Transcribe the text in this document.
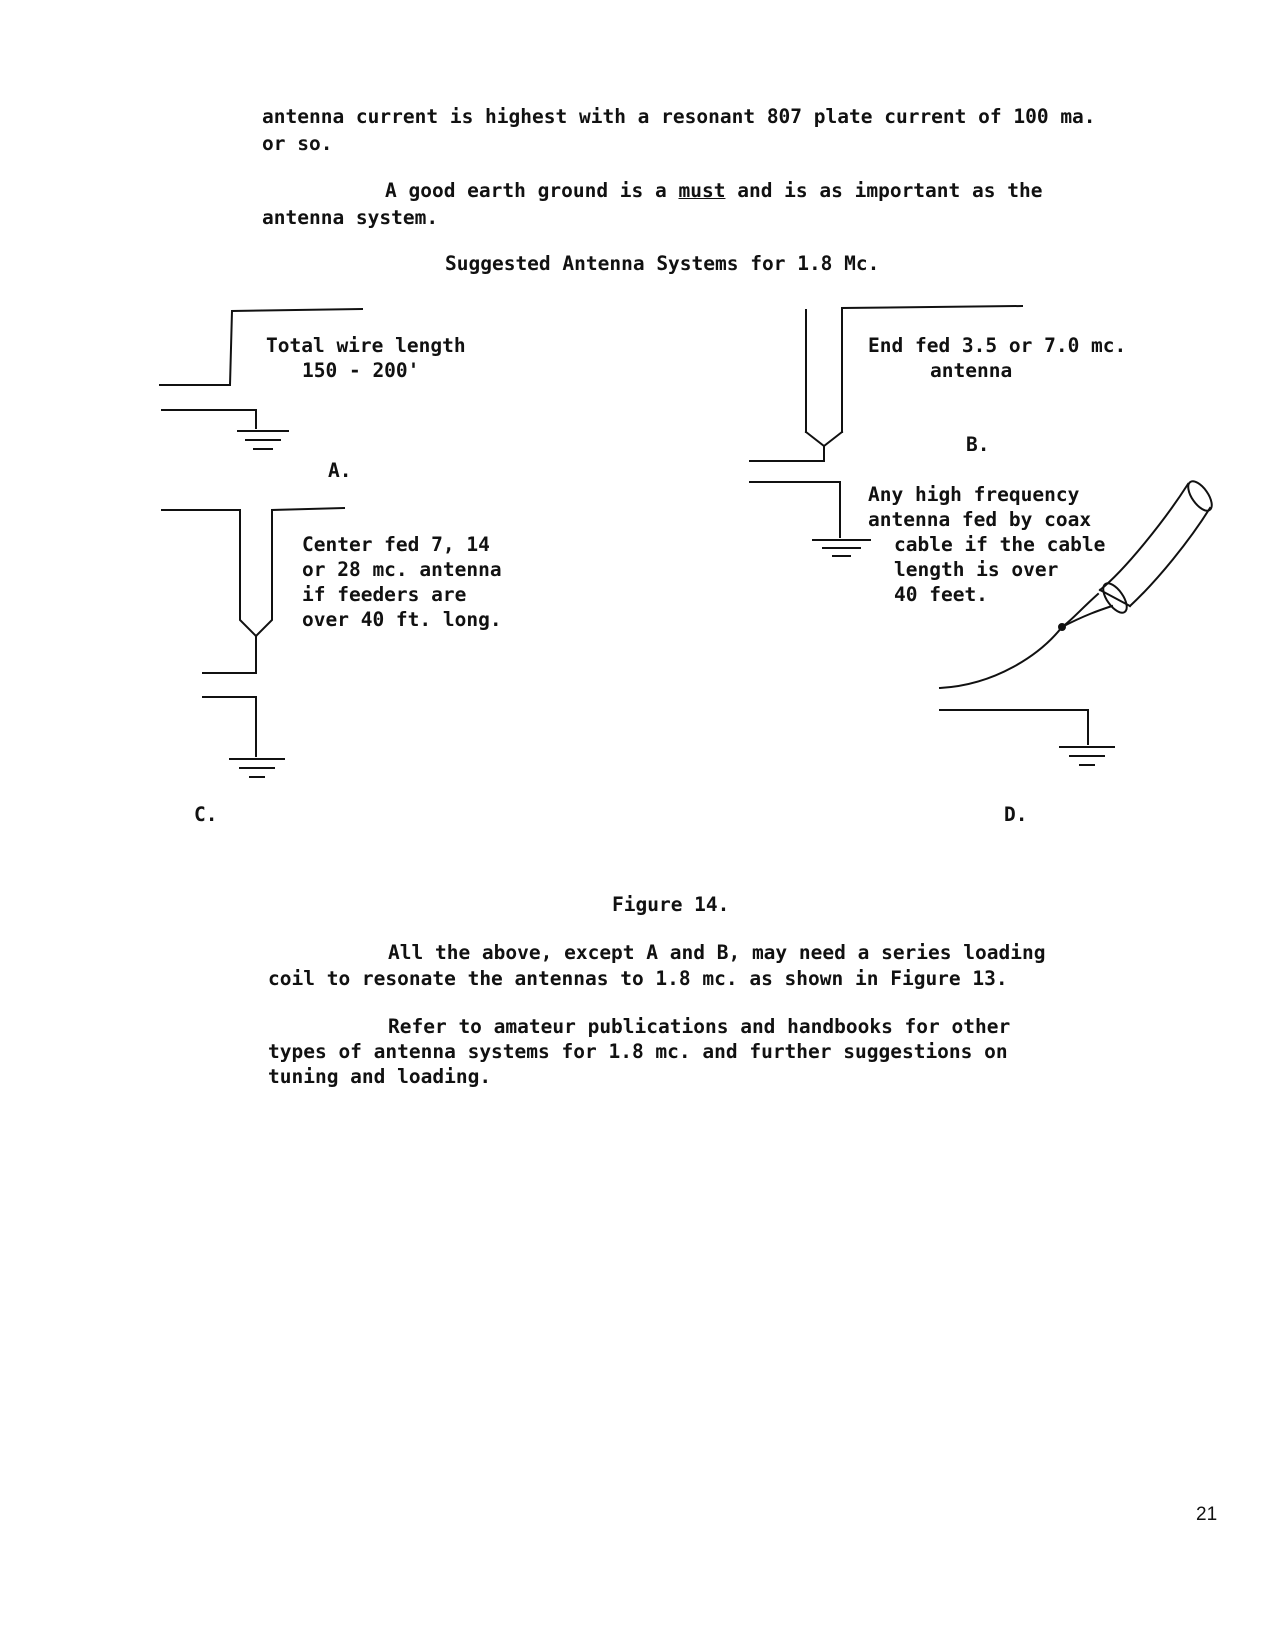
antenna current is highest with a resonant 807 plate current of 100 ma.
or so.
A good earth ground is a must and is as important as the
antenna system.
Suggested Antenna Systems for 1.8 Mc.
Total wire length
150 - 200'
A.
End fed 3.5 or 7.0 mc.
antenna
B.
Center fed 7, 14
or 28 mc. antenna
if feeders are
over 40 ft. long.
C.
Any high frequency
antenna fed by coax
cable if the cable
length is over
40 feet.
D.
Figure 14.
All the above, except A and B, may need a series loading
coil to resonate the antennas to 1.8 mc. as shown in Figure 13.
Refer to amateur publications and handbooks for other
types of antenna systems for 1.8 mc. and further suggestions on
tuning and loading.
21
